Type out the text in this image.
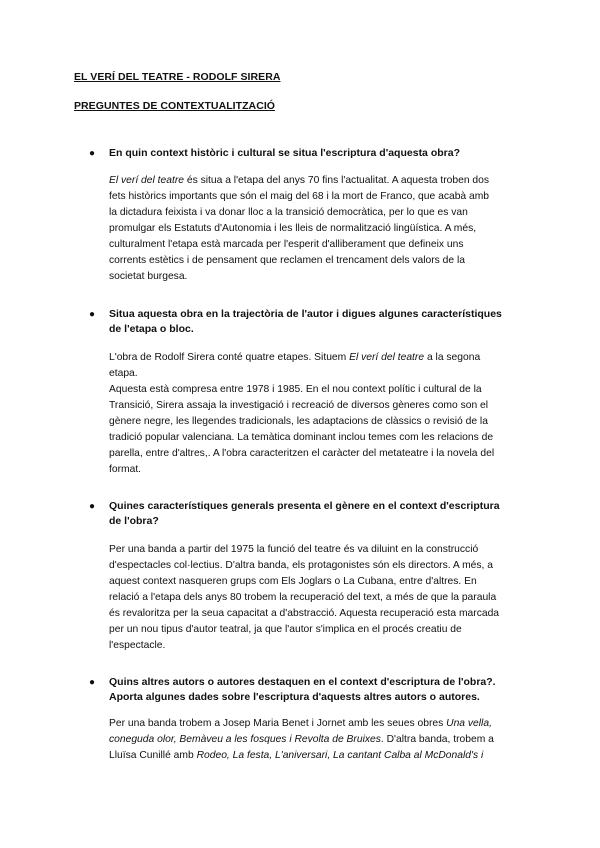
EL VERÍ DEL TEATRE - RODOLF SIRERA
PREGUNTES DE CONTEXTUALITZACIÓ
● En quin context històric i cultural se situa l'escriptura d'aquesta obra?
El verí del teatre és situa a l'etapa del anys 70 fins l'actualitat. A aquesta troben dos
fets històrics importants que són el maig del 68 i la mort de Franco, que acabà amb
la dictadura feixista i va donar lloc a la transició democràtica, per lo que es van
promulgar els Estatuts d'Autonomia i les lleis de normalització lingüística. A més,
culturalment l'etapa està marcada per l'esperit d'alliberament que defineix uns
corrents estètics i de pensament que reclamen el trencament dels valors de la
societat burgesa.
● Situa aquesta obra en la trajectòria de l'autor i digues algunes característiques
de l'etapa o bloc.
L'obra de Rodolf Sirera conté quatre etapes. Situem El verí del teatre a la segona
etapa.
Aquesta està compresa entre 1978 i 1985. En el nou context polític i cultural de la
Transició, Sirera assaja la investigació i recreació de diversos gèneres como son el
gènere negre, les llegendes tradicionals, les adaptacions de clàssics o revisió de la
tradició popular valenciana. La temàtica dominant inclou temes com les relacions de
parella, entre d'altres,. A l'obra caracteritzen el caràcter del metateatre i la novela del
format.
● Quines característiques generals presenta el gènere en el context d'escriptura
de l'obra?
Per una banda a partir del 1975 la funció del teatre és va diluint en la construcció
d'espectacles col·lectius. D'altra banda, els protagonistes són els directors. A més, a
aquest context nasqueren grups com Els Joglars o La Cubana, entre d'altres. En
relació a l'etapa dels anys 80 trobem la recuperació del text, a més de que la paraula
és revaloritza per la seua capacitat a d'abstracció. Aquesta recuperació esta marcada
per un nou tipus d'autor teatral, ja que l'autor s'implica en el procés creatiu de
l'espectacle.
● Quins altres autors o autores destaquen en el context d'escriptura de l'obra?.
Aporta algunes dades sobre l'escriptura d'aquests altres autors o autores.
Per una banda trobem a Josep Maria Benet i Jornet amb les seues obres Una vella,
coneguda olor, Bemàveu a les fosques i Revolta de Bruixes. D'altra banda, trobem a
Lluïsa Cunillé amb Rodeo, La festa, L'aniversari, La cantant Calba al McDonald's i
